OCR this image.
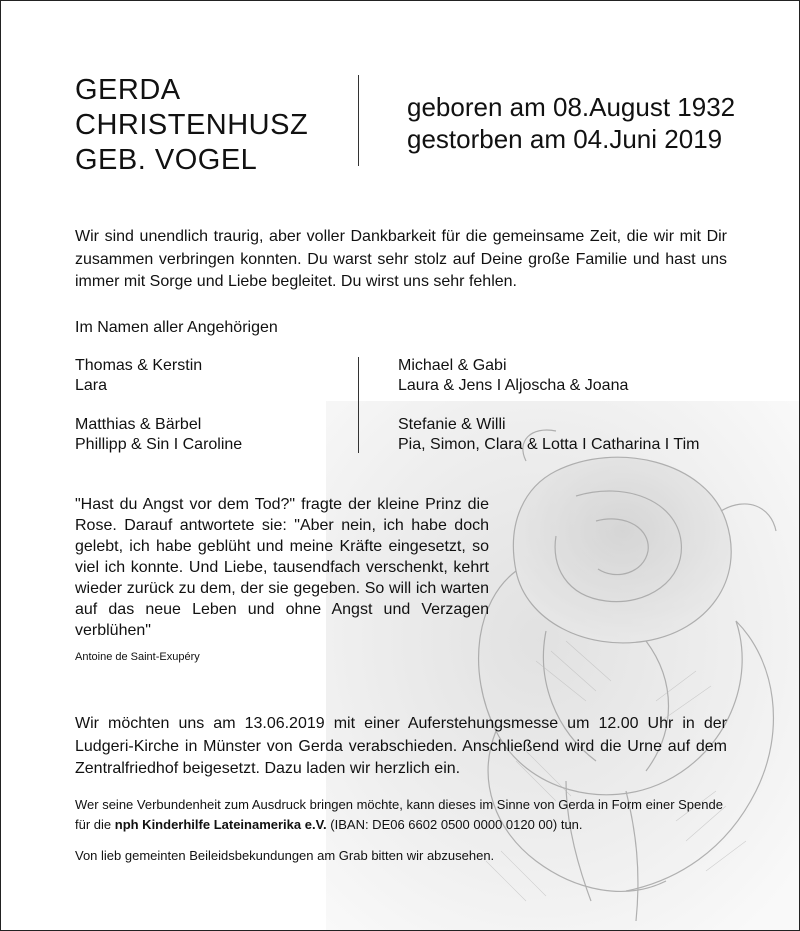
GERDA
CHRISTENHUSZ
GEB. VOGEL
geboren am 08.August 1932
gestorben am 04.Juni 2019
Wir sind unendlich traurig, aber voller Dankbarkeit für die gemeinsame Zeit, die wir mit Dir zusammen verbringen konnten. Du warst sehr stolz auf Deine große Familie und hast uns immer mit Sorge und Liebe begleitet. Du wirst uns sehr fehlen.
Im Namen aller Angehörigen
Thomas & Kerstin
Lara
Matthias & Bärbel
Phillipp & Sin I Caroline
Michael & Gabi
Laura & Jens I Aljoscha & Joana
Stefanie & Willi
Pia, Simon, Clara & Lotta I Catharina I Tim
"Hast du Angst vor dem Tod?" fragte der kleine Prinz die Rose. Darauf antwortete sie: "Aber nein, ich habe doch gelebt, ich habe geblüht und meine Kräfte eingesetzt, so viel ich konnte. Und Liebe, tausendfach verschenkt, kehrt wieder zurück zu dem, der sie gegeben. So will ich warten auf das neue Leben und ohne Angst und Verzagen verblühen"
Antoine de Saint-Exupéry
Wir möchten uns am 13.06.2019 mit einer Auferstehungsmesse um 12.00 Uhr in der Ludgeri-Kirche in Münster von Gerda verabschieden. Anschließend wird die Urne auf dem Zentralfriedhof beigesetzt. Dazu laden wir herzlich ein.
Wer seine Verbundenheit zum Ausdruck bringen möchte, kann dieses im Sinne von Gerda in Form einer Spende für die nph Kinderhilfe Lateinamerika e.V. (IBAN: DE06 6602 0500 0000 0120 00) tun.
Von lieb gemeinten Beileidsbekundungen am Grab bitten wir abzusehen.
